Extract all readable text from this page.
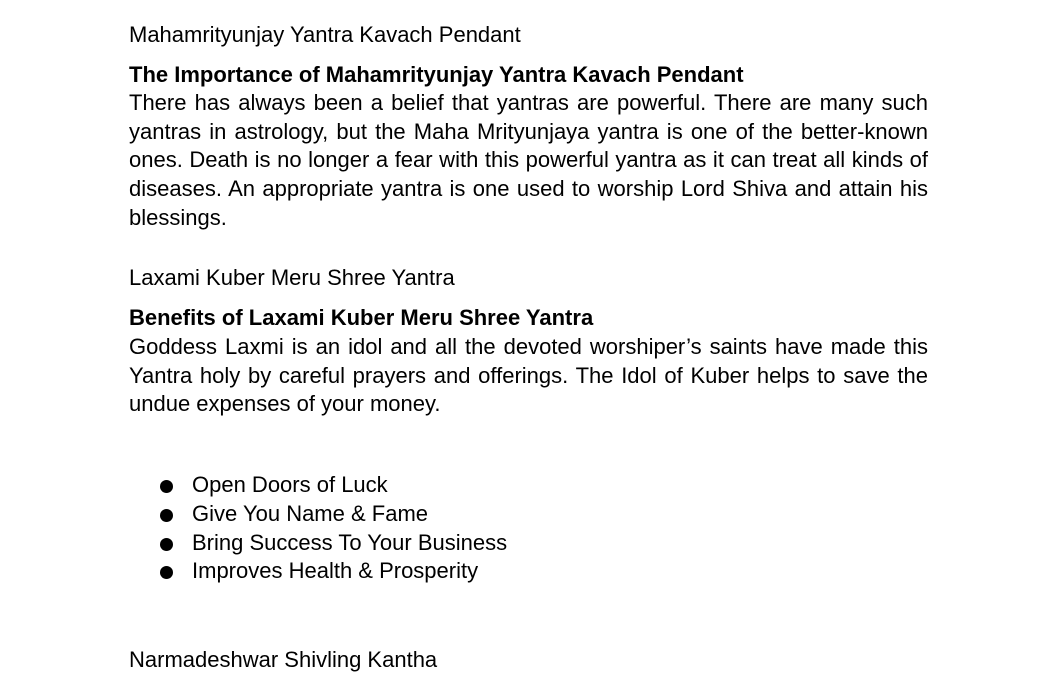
Mahamrityunjay Yantra Kavach Pendant

The Importance of Mahamrityunjay Yantra Kavach Pendant

There has always been a belief that yantras are powerful. There are many such yantras in astrology, but the Maha Mrityunjaya yantra is one of the better-known ones. Death is no longer a fear with this powerful yantra as it can treat all kinds of diseases. An appropriate yantra is one used to worship Lord Shiva and attain his blessings.

Laxami Kuber Meru Shree Yantra

Benefits of Laxami Kuber Meru Shree Yantra

Goddess Laxmi is an idol and all the devoted worshiper’s saints have made this Yantra holy by careful prayers and offerings. The Idol of Kuber helps to save the undue expenses of your money.

Open Doors of Luck
Give You Name & Fame
Bring Success To Your Business
Improves Health & Prosperity

Narmadeshwar Shivling Kantha
